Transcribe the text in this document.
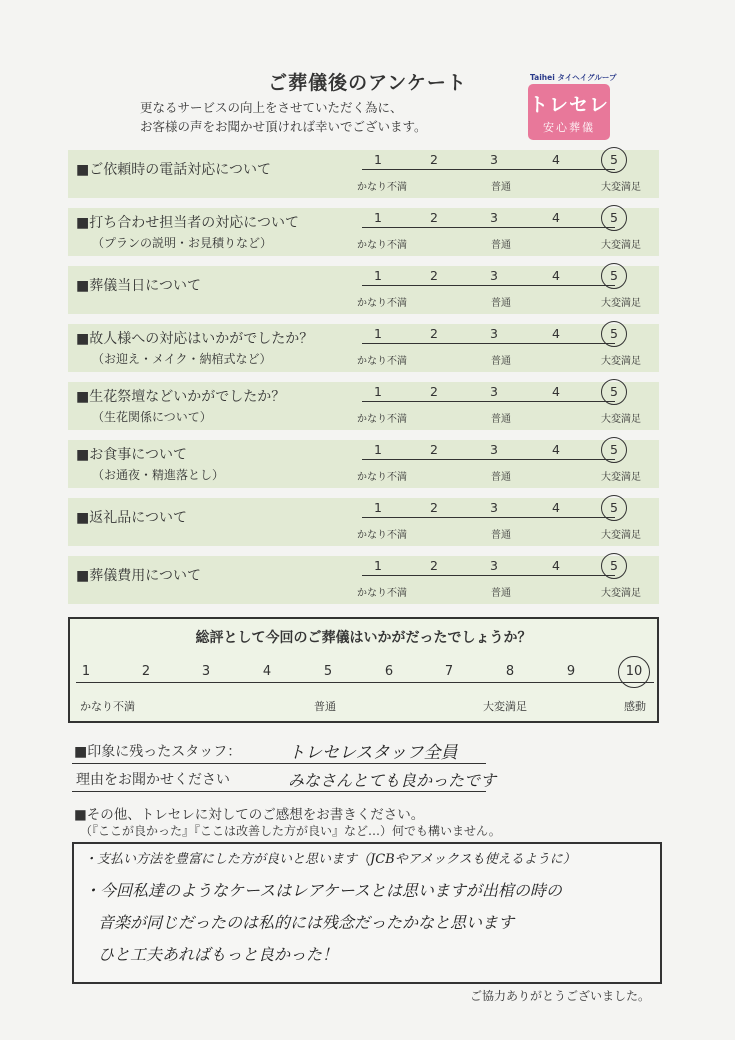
ご葬儀後のアンケート
更なるサービスの向上をさせていただく為に、
お客様の声をお聞かせ頂ければ幸いでございます。
Taihei タイヘイグループ
トレセレ
安心葬儀
■ご依頼時の電話対応について
1	2	3	4	5
かなり不満	普通	大変満足
■打ち合わせ担当者の対応について
（プランの説明・お見積りなど）
1	2	3	4	5
かなり不満	普通	大変満足
■葬儀当日について
1	2	3	4	5
かなり不満	普通	大変満足
■故人様への対応はいかがでしたか？
（お迎え・メイク・納棺式など）
1	2	3	4	5
かなり不満	普通	大変満足
■生花祭壇などいかがでしたか？
（生花関係について）
1	2	3	4	5
かなり不満	普通	大変満足
■お食事について
（お通夜・精進落とし）
1	2	3	4	5
かなり不満	普通	大変満足
■返礼品について
1	2	3	4	5
かなり不満	普通	大変満足
■葬儀費用について
1	2	3	4	5
かなり不満	普通	大変満足
総評として今回のご葬儀はいかがだったでしょうか？
1	2	3	4	5	6	7	8	9	10
かなり不満	普通	大変満足	感動
■印象に残ったスタッフ：	トレセレスタッフ全員
理由をお聞かせください	みなさんとても良かったです
■その他、トレセレに対してのご感想をお書きください。
（『ここが良かった』『ここは改善した方が良い』など…）何でも構いません。
・支払い方法を豊富にした方が良いと思います（JCBやアメックスも使えるように）
・今回私達のようなケースはレアケースとは思いますが出棺の時の
音楽が同じだったのは私的には残念だったかなと思います
ひと工夫あればもっと良かった！
ご協力ありがとうございました。
